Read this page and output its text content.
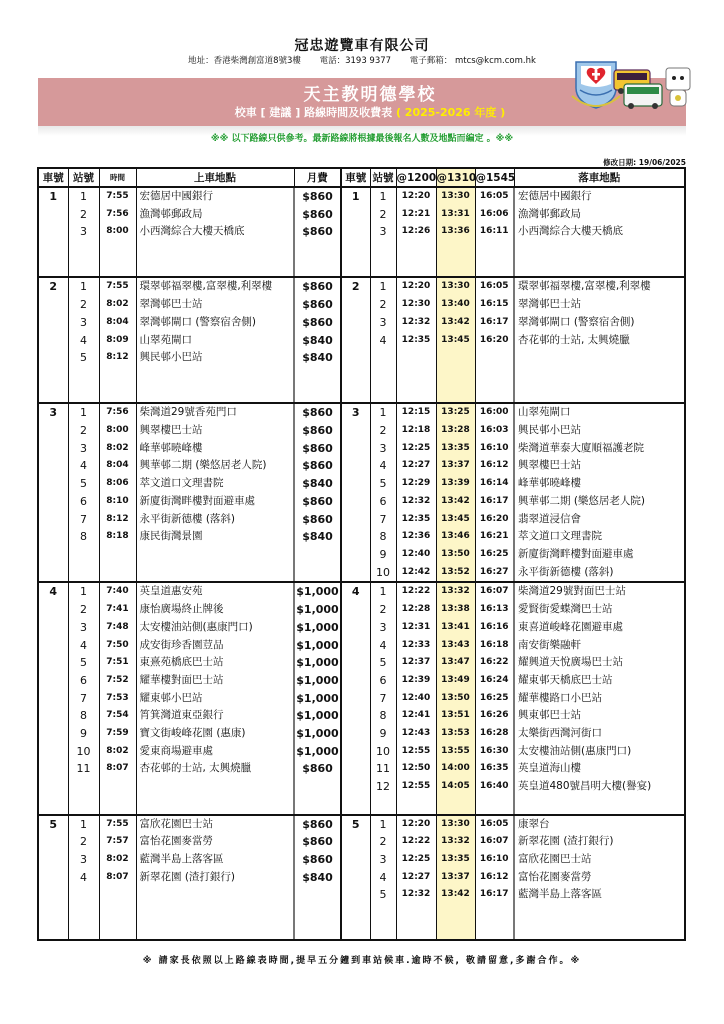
冠忠遊覽車有限公司
地址：香港柴灣創富道8號3樓 電話：3193 9377 電子郵箱： mtcs@kcm.com.hk
天主教明德學校
校車 [ 建議 ] 路線時間及收費表 ( 2025-2026 年度 )
※※ 以下路線只供參考。最新路線將根據最後報名人數及地點而編定 。※※
修改日期: 19/06/2025
車號	站號	時間	上車地點	月費	車號	站號	@1200	@1310	@1545	落車地點
1	1	7:55	宏德居中國銀行	$860	1	1	12:20	13:30	16:05	宏德居中國銀行
	2	7:56	漁灣邨郵政局	$860		2	12:21	13:31	16:06	漁灣邨郵政局
	3	8:00	小西灣綜合大樓天橋底	$860		3	12:26	13:36	16:11	小西灣綜合大樓天橋底

2	1	7:55	環翠邨福翠樓,富翠樓,利翠樓	$860	2	1	12:20	13:30	16:05	環翠邨福翠樓,富翠樓,利翠樓
	2	8:02	翠灣邨巴士站	$860		2	12:30	13:40	16:15	翠灣邨巴士站
	3	8:04	翠灣邨閘口 (警察宿舍側)	$860		3	12:32	13:42	16:17	翠灣邨閘口 (警察宿舍側)
	4	8:09	山翠苑閘口	$840		4	12:35	13:45	16:20	杏花邨的士站, 太興燒臘
	5	8:12	興民邨小巴站	$840						

3	1	7:56	柴灣道29號香苑門口	$860	3	1	12:15	13:25	16:00	山翠苑閘口
	2	8:00	興翠樓巴士站	$860		2	12:18	13:28	16:03	興民邨小巴站
	3	8:02	峰華邨曉峰樓	$860		3	12:25	13:35	16:10	柴灣道華泰大廈順福護老院
	4	8:04	興華邨二期 (樂悠居老人院)	$860		4	12:27	13:37	16:12	興翠樓巴士站
	5	8:06	萃文道口文理書院	$840		5	12:29	13:39	16:14	峰華邨曉峰樓
	6	8:10	新廈街灣畔樓對面避車處	$860		6	12:32	13:42	16:17	興華邨二期 (樂悠居老人院)
	7	8:12	永平街新德樓 (落斜)	$860		7	12:35	13:45	16:20	翡翠道浸信會
	8	8:18	康民街灣景園	$840		8	12:36	13:46	16:21	萃文道口文理書院
						9	12:40	13:50	16:25	新廈街灣畔樓對面避車處
						10	12:42	13:52	16:27	永平街新德樓 (落斜)
4	1	7:40	英皇道惠安苑	$1,000	4	1	12:22	13:32	16:07	柴灣道29號對面巴士站
	2	7:41	康怡廣場終止牌後	$1,000		2	12:28	13:38	16:13	愛賢街愛蝶灣巴士站
	3	7:48	太安樓油站側(惠康門口)	$1,000		3	12:31	13:41	16:16	東喜道峻峰花園避車處
	4	7:50	成安街珍香園荳品	$1,000		4	12:33	13:43	16:18	南安街樂融軒
	5	7:51	東熹苑橋底巴士站	$1,000		5	12:37	13:47	16:22	耀興道天悅廣場巴士站
	6	7:52	耀華樓對面巴士站	$1,000		6	12:39	13:49	16:24	耀東邨天橋底巴士站
	7	7:53	耀東邨小巴站	$1,000		7	12:40	13:50	16:25	耀華樓路口小巴站
	8	7:54	筲箕灣道東亞銀行	$1,000		8	12:41	13:51	16:26	興東邨巴士站
	9	7:59	寶文街峻峰花園 (惠康)	$1,000		9	12:43	13:53	16:28	太樂街西灣河街口
	10	8:02	愛東商場避車處	$1,000		10	12:55	13:55	16:30	太安樓油站側(惠康門口)
	11	8:07	杏花邨的士站, 太興燒臘	$860		11	12:50	14:00	16:35	英皇道海山樓
						12	12:55	14:05	16:40	英皇道480號昌明大樓(譽宴)

5	1	7:55	富欣花園巴士站	$860	5	1	12:20	13:30	16:05	康翠台
	2	7:57	富怡花園麥當勞	$860		2	12:22	13:32	16:07	新翠花園 (渣打銀行)
	3	8:02	藍灣半島上落客區	$860		3	12:25	13:35	16:10	富欣花園巴士站
	4	8:07	新翠花園 (渣打銀行)	$840		4	12:27	13:37	16:12	富怡花園麥當勞
						5	12:32	13:42	16:17	藍灣半島上落客區

※ 請家長依照以上路線表時間,提早五分鐘到車站候車.逾時不候, 敬請留意,多謝合作。※
